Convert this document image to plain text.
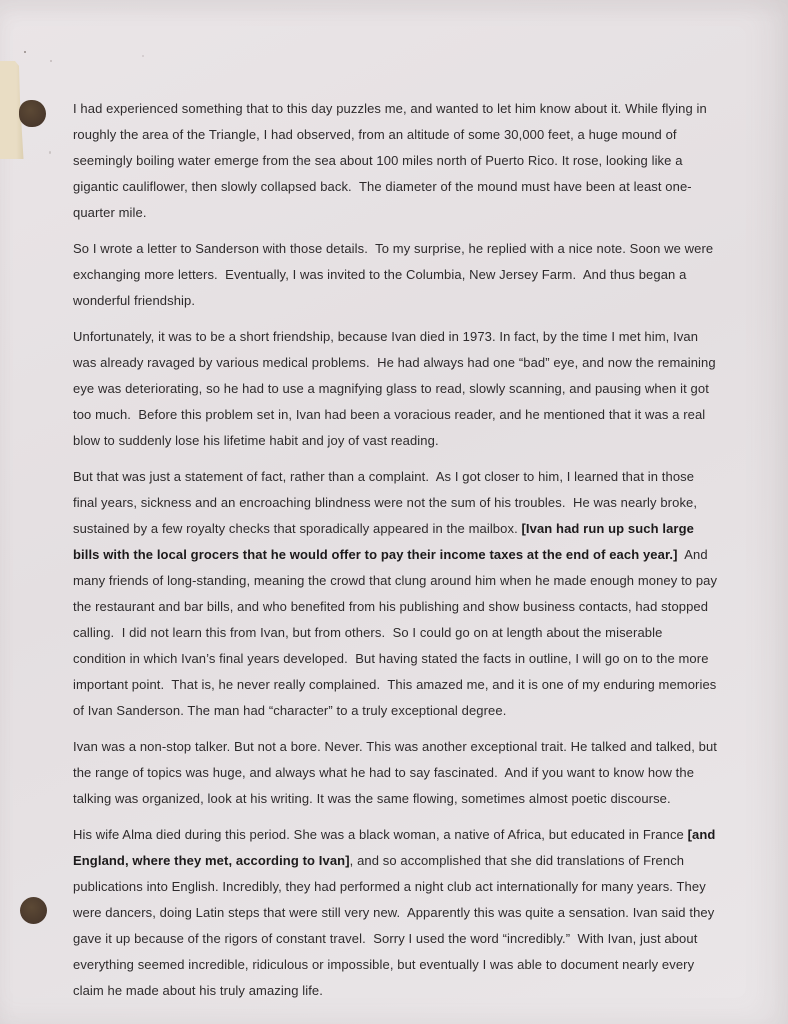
I had experienced something that to this day puzzles me, and wanted to let him know about it. While flying in roughly the area of the Triangle, I had observed, from an altitude of some 30,000 feet, a huge mound of seemingly boiling water emerge from the sea about 100 miles north of Puerto Rico. It rose, looking like a gigantic cauliflower, then slowly collapsed back.  The diameter of the mound must have been at least one-quarter mile.

So I wrote a letter to Sanderson with those details.  To my surprise, he replied with a nice note. Soon we were exchanging more letters.  Eventually, I was invited to the Columbia, New Jersey Farm.  And thus began a wonderful friendship.

Unfortunately, it was to be a short friendship, because Ivan died in 1973. In fact, by the time I met him, Ivan was already ravaged by various medical problems.  He had always had one “bad” eye, and now the remaining eye was deteriorating, so he had to use a magnifying glass to read, slowly scanning, and pausing when it got too much.  Before this problem set in, Ivan had been a voracious reader, and he mentioned that it was a real blow to suddenly lose his lifetime habit and joy of vast reading.

But that was just a statement of fact, rather than a complaint.  As I got closer to him, I learned that in those final years, sickness and an encroaching blindness were not the sum of his troubles.  He was nearly broke, sustained by a few royalty checks that sporadically appeared in the mailbox. [Ivan had run up such large bills with the local grocers that he would offer to pay their income taxes at the end of each year.]  And many friends of long-standing, meaning the crowd that clung around him when he made enough money to pay the restaurant and bar bills, and who benefited from his publishing and show business contacts, had stopped calling.  I did not learn this from Ivan, but from others.  So I could go on at length about the miserable condition in which Ivan’s final years developed.  But having stated the facts in outline, I will go on to the more important point.  That is, he never really complained.  This amazed me, and it is one of my enduring memories of Ivan Sanderson. The man had “character” to a truly exceptional degree.

Ivan was a non-stop talker. But not a bore. Never. This was another exceptional trait. He talked and talked, but the range of topics was huge, and always what he had to say fascinated.  And if you want to know how the talking was organized, look at his writing. It was the same flowing, sometimes almost poetic discourse.

His wife Alma died during this period. She was a black woman, a native of Africa, but educated in France [and England, where they met, according to Ivan], and so accomplished that she did translations of French publications into English. Incredibly, they had performed a night club act internationally for many years. They were dancers, doing Latin steps that were still very new.  Apparently this was quite a sensation. Ivan said they gave it up because of the rigors of constant travel.  Sorry I used the word “incredibly.”  With Ivan, just about everything seemed incredible, ridiculous or impossible, but eventually I was able to document nearly every claim he made about his truly amazing life.
